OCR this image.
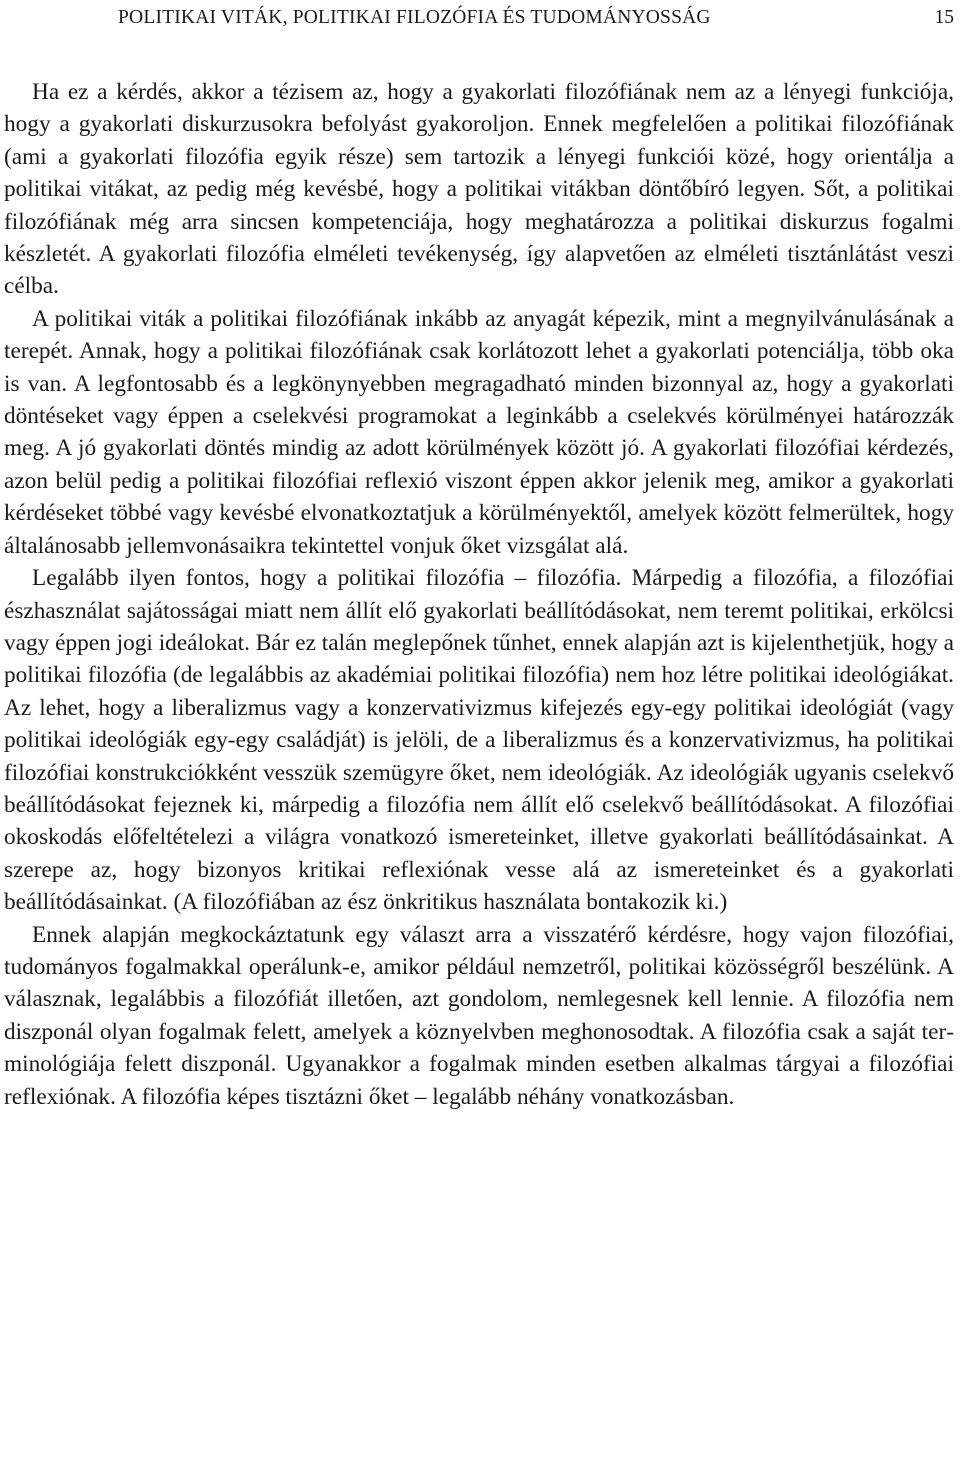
POLITIKAI VITÁK, POLITIKAI FILOZÓFIA ÉS TUDOMÁNYOSSÁG	15

Ha ez a kérdés, akkor a tézisem az, hogy a gyakorlati filozófiának nem az a lényegi funkciója, hogy a gyakorlati diskurzusokra befolyást gyakoroljon. Ennek megfelelően a politikai filozófiának (ami a gyakorlati filozófia egyik része) sem tartozik a lényegi funkciói közé, hogy orientálja a politikai vitákat, az pedig még kevésbé, hogy a politikai vitákban döntőbíró legyen. Sőt, a politikai filozófiának még arra sincsen kompetenciája, hogy meghatározza a politikai diskurzus fogalmi készletét. A gyakorlati filozófia elméleti tevékenység, így alapvetően az elméleti tisztánlátást veszi célba.

A politikai viták a politikai filozófiának inkább az anyagát képezik, mint a megnyilvánulásának a terepét. Annak, hogy a politikai filozófiának csak korlátozott lehet a gyakorlati potenciálja, több oka is van. A legfontosabb és a legkönynyebben megragadható minden bizonnyal az, hogy a gyakorlati döntéseket vagy éppen a cselekvési programokat a leginkább a cselekvés körülményei határozzák meg. A jó gyakorlati döntés mindig az adott körülmények között jó. A gyakorlati filozófiai kérdezés, azon belül pedig a politikai filozófiai reflexió viszont éppen akkor jelenik meg, amikor a gyakorlati kérdéseket többé vagy kevésbé elvonatkoztatjuk a körülményektől, amelyek között felmerültek, hogy általánosabb jellemvonásaikra tekintettel vonjuk őket vizsgálat alá.

Legalább ilyen fontos, hogy a politikai filozófia – filozófia. Márpedig a filozófia, a filozófiai észhasználat sajátosságai miatt nem állít elő gyakorlati beállítódásokat, nem teremt politikai, erkölcsi vagy éppen jogi ideálokat. Bár ez talán meglepőnek tűnhet, ennek alapján azt is kijelenthetjük, hogy a politikai filozófia (de legalábbis az akadémiai politikai filozófia) nem hoz létre politikai ideológiákat. Az lehet, hogy a liberalizmus vagy a konzervativizmus kifejezés egy-egy politikai ideológiát (vagy politikai ideológiák egy-egy családját) is jelöli, de a liberalizmus és a konzervativizmus, ha politikai filozófiai konstrukciókként vesszük szemügyre őket, nem ideológiák. Az ideológiák ugyanis cselekvő beállítódásokat fejeznek ki, márpedig a filozófia nem állít elő cselekvő beállítódásokat. A filozófiai okoskodás előfeltételezi a világra vonatkozó ismereteinket, illetve gyakorlati beállítódásainkat. A szerepe az, hogy bizonyos kritikai reflexiónak vesse alá az ismereteinket és a gyakorlati beállítódásainkat. (A filozófiában az ész önkritikus használata bontakozik ki.)

Ennek alapján megkockáztatunk egy választ arra a visszatérő kérdésre, hogy vajon filozófiai, tudományos fogalmakkal operálunk-e, amikor például nemzetről, politikai közösségről beszélünk. A válasznak, legalábbis a filozófiát illetően, azt gondolom, nemlegesnek kell lennie. A filozófia nem diszponál olyan fogalmak felett, amelyek a köznyelvben meghonosodtak. A filozófia csak a saját terminológiája felett diszponál. Ugyanakkor a fogalmak minden esetben alkalmas tárgyai a filozófiai reflexiónak. A filozófia képes tisztázni őket – legalább néhány vonatkozásban.
